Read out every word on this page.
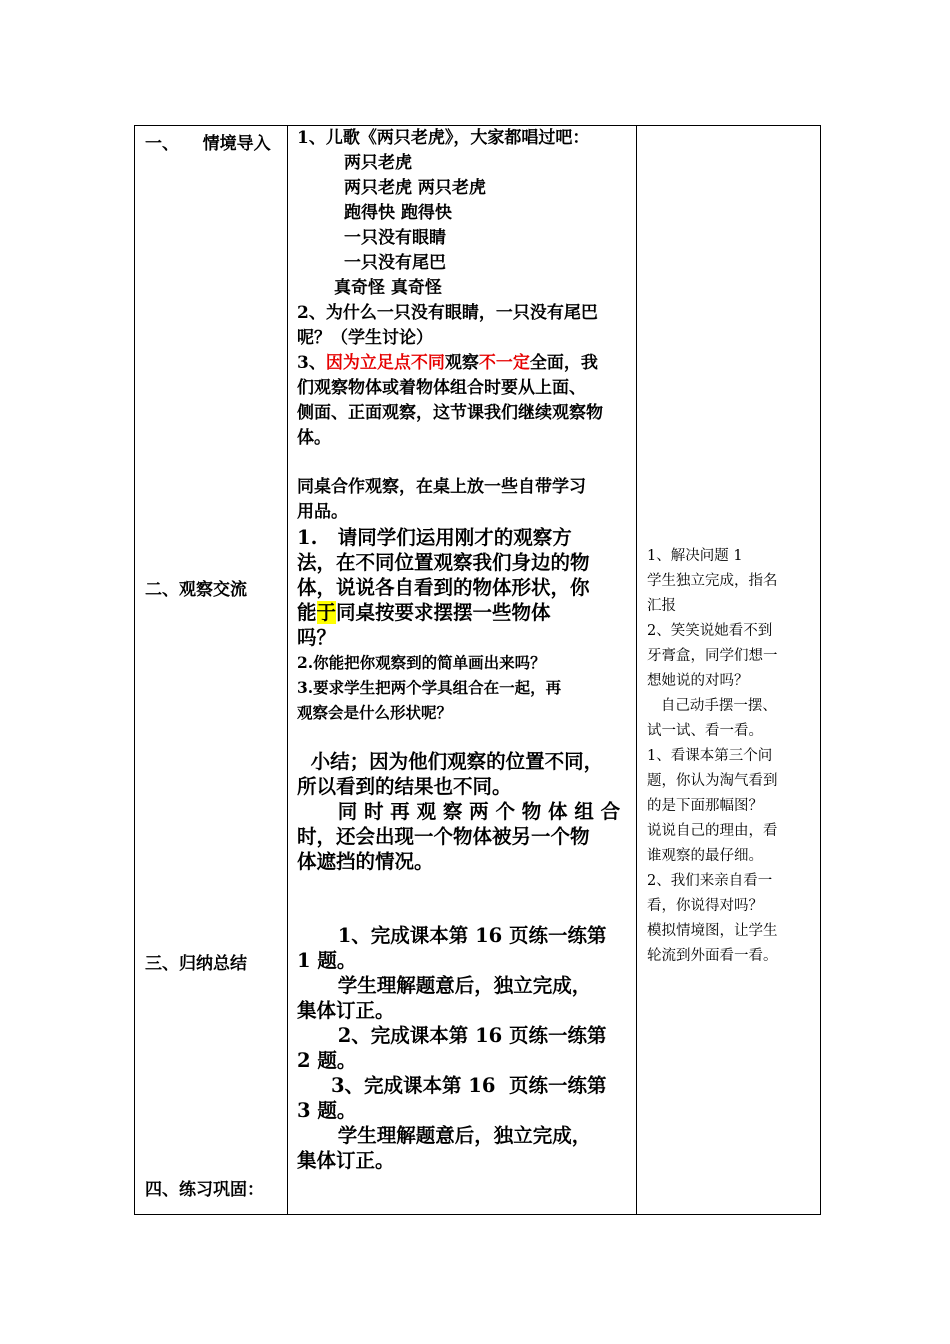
一、    情境导入
二、观察交流
三、归纳总结
四、练习巩固：
1、儿歌《两只老虎》，大家都唱过吧：
两只老虎
两只老虎 两只老虎
跑得快 跑得快
一只没有眼睛
一只没有尾巴
真奇怪 真奇怪
2、为什么一只没有眼睛，一只没有尾巴
呢？（学生讨论）
3、因为立足点不同观察不一定全面，我
们观察物体或着物体组合时要从上面、
侧面、正面观察，这节课我们继续观察物
体。
同桌合作观察，在桌上放一些自带学习
用品。
1.   请同学们运用刚才的观察方
法，在不同位置观察我们身边的物
体，说说各自看到的物体形状，你
能于同桌按要求摆摆一些物体
吗？
2.你能把你观察到的简单画出来吗？
3.要求学生把两个学具组合在一起，再
观察会是什么形状呢？
小结；因为他们观察的位置不同，
所以看到的结果也不同。
同 时 再 观 察 两 个 物 体 组 合
时，还会出现一个物体被另一个物
体遮挡的情况。
1、完成课本第 16 页练一练第
1 题。
学生理解题意后，独立完成，
集体订正。
2、完成课本第 16 页练一练第
2 题。
3、完成课本第 16  页练一练第
3 题。
学生理解题意后，独立完成，
集体订正。
1、解决问题 1
学生独立完成，指名
汇报
2、笑笑说她看不到
牙膏盒，同学们想一
想她说的对吗？
自己动手摆一摆、
试一试、看一看。
1、看课本第三个问
题，你认为淘气看到
的是下面那幅图？
说说自己的理由，看
谁观察的最仔细。
2、我们来亲自看一
看，你说得对吗？
模拟情境图，让学生
轮流到外面看一看。
